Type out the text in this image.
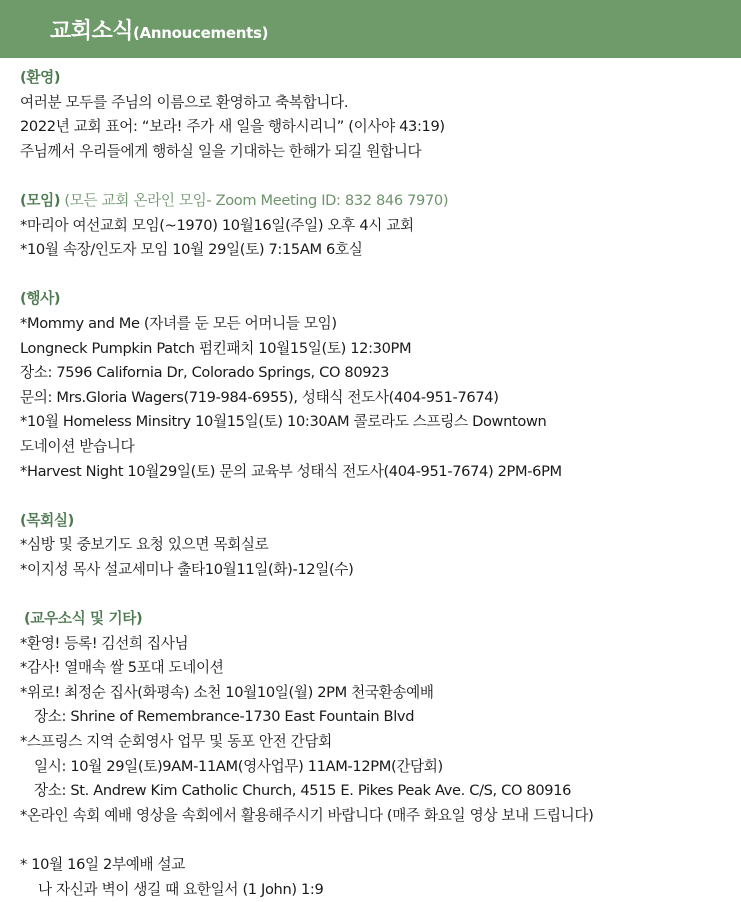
교회소식(Annoucements)
(환영)
여러분 모두를 주님의 이름으로 환영하고 축복합니다.
2022년 교회 표어: “보라! 주가 새 일을 행하시리니” (이사야 43:19)
주님께서 우리들에게 행하실 일을 기대하는 한해가 되길 원합니다
(모임) (모든 교회 온라인 모임- Zoom Meeting ID: 832 846 7970)
*마리아 여선교회 모임(~1970) 10월16일(주일) 오후 4시 교회
*10월 속장/인도자 모임 10월 29일(토) 7:15AM 6호실
(행사)
*Mommy and Me (자녀를 둔 모든 어머니들 모임)
Longneck Pumpkin Patch 펌킨패치 10월15일(토) 12:30PM
장소: 7596 California Dr, Colorado Springs, CO 80923
문의: Mrs.Gloria Wagers(719-984-6955), 성태식 전도사(404-951-7674)
*10월 Homeless Minsitry 10월15일(토) 10:30AM 콜로라도 스프링스 Downtown
도네이션 받습니다
*Harvest Night 10월29일(토) 문의 교육부 성태식 전도사(404-951-7674) 2PM-6PM
(목회실)
*심방 및 중보기도 요청 있으면 목회실로
*이지성 목사 설교세미나 출타10월11일(화)-12일(수)
(교우소식 및 기타)
*환영! 등록! 김선희 집사님
*감사! 열매속 쌀 5포대 도네이션
*위로! 최정순 집사(화평속) 소천 10월10일(월) 2PM 천국환송예배
장소: Shrine of Remembrance-1730 East Fountain Blvd
*스프링스 지역 순회영사 업무 및 동포 안전 간담회
일시: 10월 29일(토)9AM-11AM(영사업무) 11AM-12PM(간담회)
장소: St. Andrew Kim Catholic Church, 4515 E. Pikes Peak Ave. C/S, CO 80916
*온라인 속회 예배 영상을 속회에서 활용해주시기 바랍니다 (매주 화요일 영상 보내 드립니다)
* 10월 16일 2부예배 설교
나 자신과 벽이 생길 때 요한일서 (1 John) 1:9
